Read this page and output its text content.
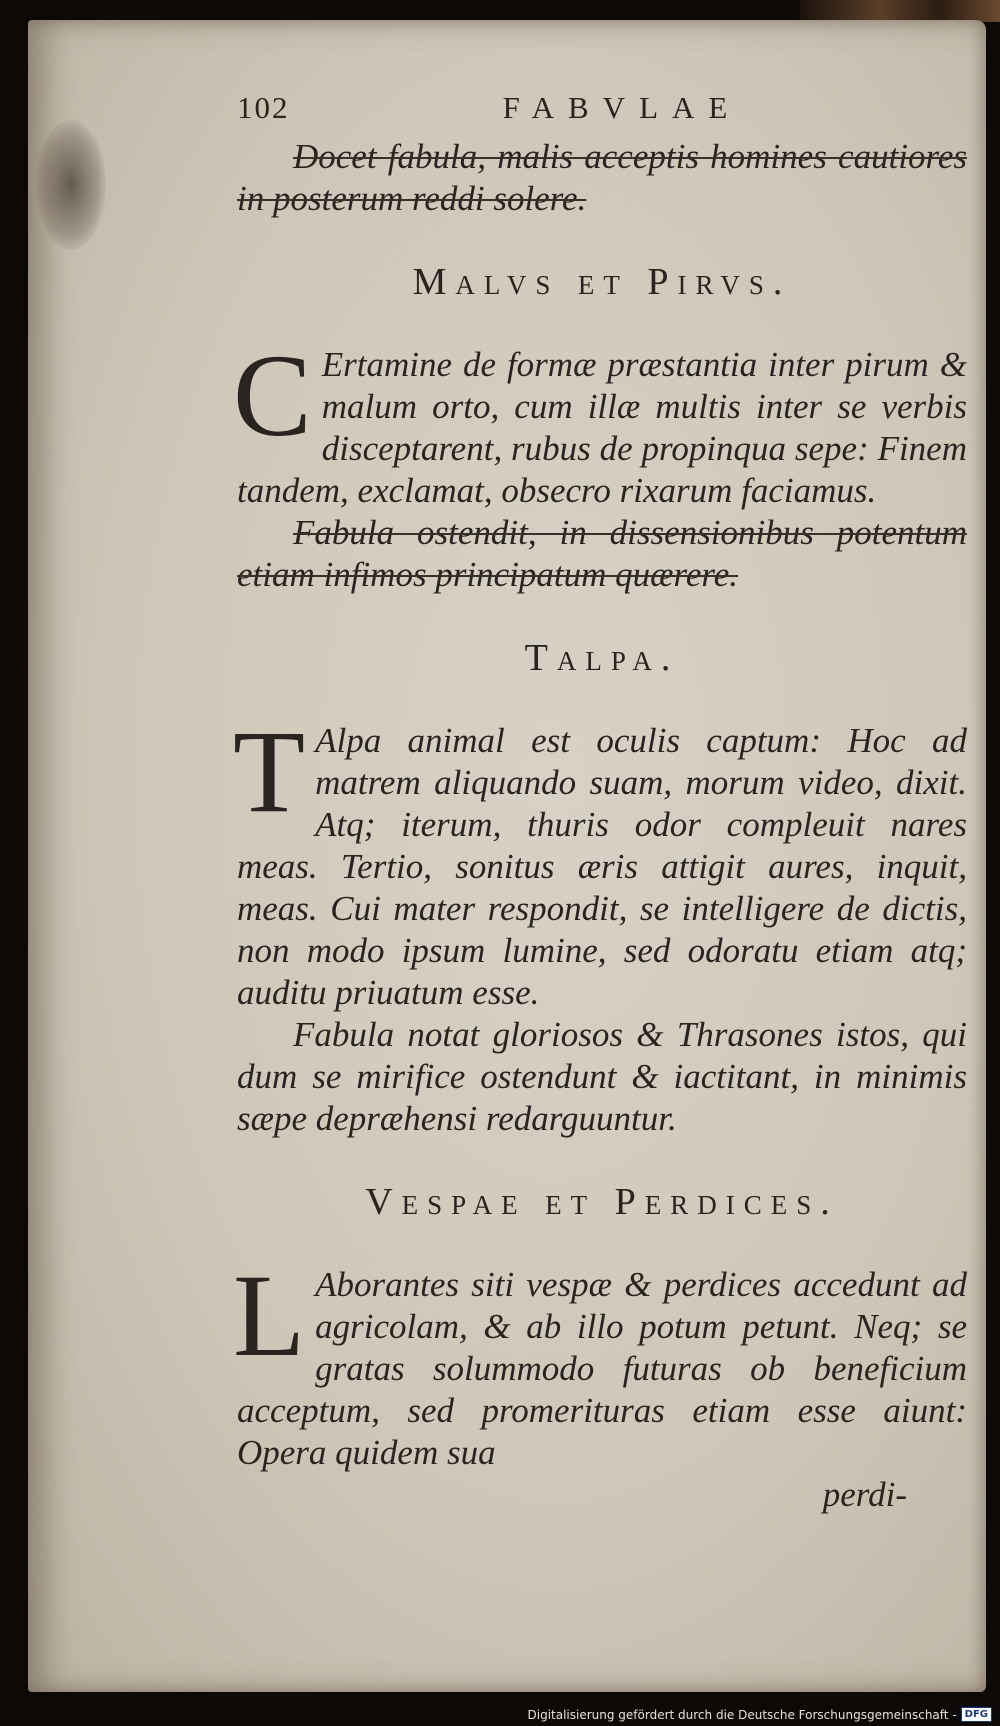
102	FABVLAE

Docet fabula, malis acceptis homines cautiores in posterum reddi solere.

Malvs et Pirvs.

C Ertamine de formæ præstantia inter pirum & malum orto, cum illæ multis inter se verbis disceptarent, rubus de propinqua sepe: Finem tandem, exclamat, obsecro rixarum faciamus.

Fabula ostendit, in dissensionibus potentum etiam infimos principatum quærere.

Talpa.

T Alpa animal est oculis captum: Hoc ad matrem aliquando suam, morum video, dixit. Atq; iterum, thuris odor compleuit nares meas. Tertio, sonitus æris attigit aures, inquit, meas. Cui mater respondit, se intelligere de dictis, non modo ipsum lumine, sed odoratu etiam atq; auditu priuatum esse.

Fabula notat gloriosos & Thrasones istos, qui dum se mirifice ostendunt & iactitant, in minimis sæpe depræhensi redarguuntur.

Vespae et Perdices.

L Aborantes siti vespæ & perdices accedunt ad agricolam, & ab illo potum petunt. Neq; se gratas solummodo futuras ob beneficium acceptum, sed promerituras etiam esse aiunt: Opera quidem sua

perdi-
Digitalisierung gefördert durch die Deutsche Forschungsgemeinschaft - DFG
